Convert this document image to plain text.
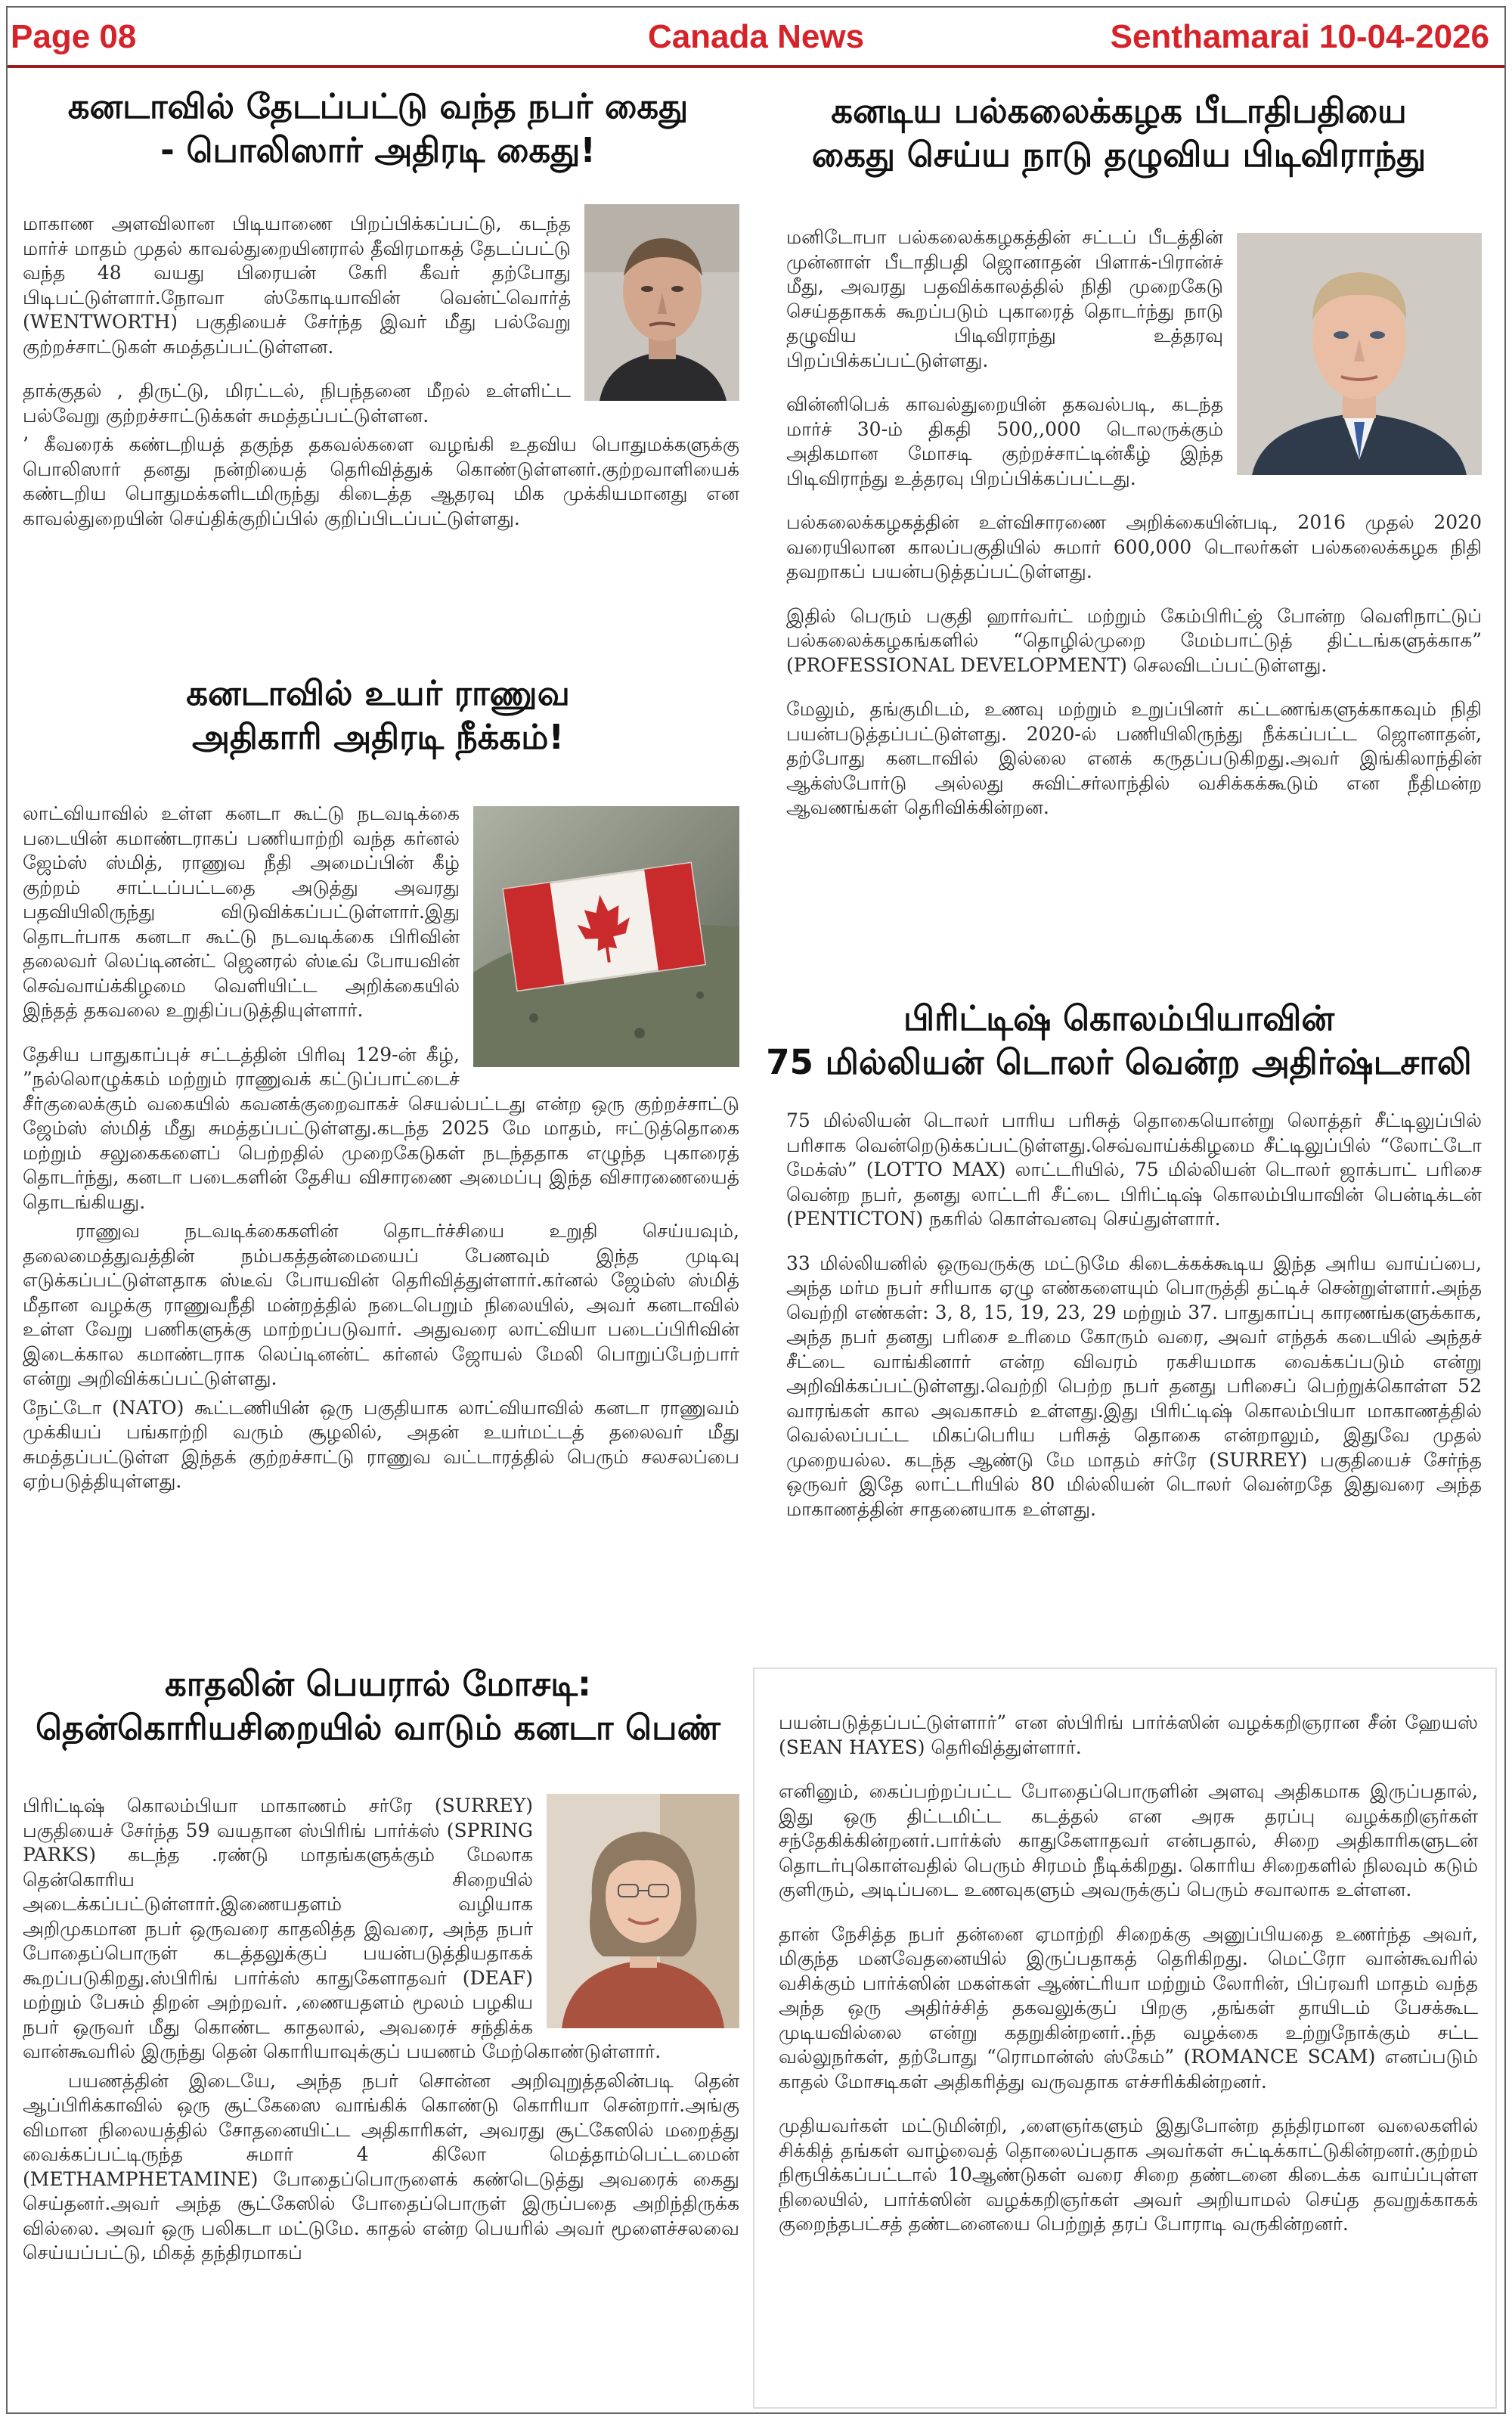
Canada News
Page 08	Senthamarai 10-04-2026
கனடாவில் தேடப்பட்டு வந்த நபர் கைது
- பொலிஸார் அதிரடி கைது!

மாகாண அளவிலான பிடியாணை பிறப்பிக்கப்பட்டு, கடந்த மார்ச் மாதம் முதல் காவல்துறையினரால் தீவிரமாகத் தேடப்பட்டு வந்த 48 வயது பிரையன் கேரி கீவர் தற்போது பிடிபட்டுள்ளார்.நோவா ஸ்கோடியாவின் வென்ட்வொர்த் (WENTWORTH) பகுதியைச் சேர்ந்த இவர் மீது பல்வேறு குற்றச்சாட்டுகள் சுமத்தப்பட்டுள்ளன.

தாக்குதல் , திருட்டு, மிரட்டல், நிபந்தனை மீறல் உள்ளிட்ட பல்வேறு குற்றச்சாட்டுக்கள் சுமத்தப்பட்டுள்ளன.

’ கீவரைக் கண்டறியத் தகுந்த தகவல்களை வழங்கி உதவிய பொதுமக்களுக்கு பொலிஸார் தனது நன்றியைத் தெரிவித்துக் கொண்டுள்ளனர்.குற்றவாளியைக் கண்டறிய பொதுமக்களிடமிருந்து கிடைத்த ஆதரவு மிக முக்கியமானது என காவல்துறையின் செய்திக்குறிப்பில் குறிப்பிடப்பட்டுள்ளது.

கனடாவில் உயர் ராணுவ
அதிகாரி அதிரடி நீக்கம்!

லாட்வியாவில் உள்ள கனடா கூட்டு நடவடிக்கை படையின் கமாண்டராகப் பணியாற்றி வந்த கர்னல் ஜேம்ஸ் ஸ்மித், ராணுவ நீதி அமைப்பின் கீழ் குற்றம் சாட்டப்பட்டதை அடுத்து அவரது பதவியிலிருந்து விடுவிக்கப்பட்டுள்ளார்.இது தொடர்பாக கனடா கூட்டு நடவடிக்கை பிரிவின் தலைவர் லெப்டினன்ட் ஜெனரல் ஸ்டீவ் போயவின் செவ்வாய்க்கிழமை வெளியிட்ட அறிக்கையில் இந்தத் தகவலை உறுதிப்படுத்தியுள்ளார்.

தேசிய பாதுகாப்புச் சட்டத்தின் பிரிவு 129-ன் கீழ், ”நல்லொழுக்கம் மற்றும் ராணுவக் கட்டுப்பாட்டைச் சீர்குலைக்கும் வகையில் கவனக்குறைவாகச் செயல்பட்டது என்ற ஒரு குற்றச்சாட்டு ஜேம்ஸ் ஸ்மித் மீது சுமத்தப்பட்டுள்ளது.கடந்த 2025 மே மாதம், ஈட்டுத்தொகை மற்றும் சலுகைகளைப் பெற்றதில் முறைகேடுகள் நடந்ததாக எழுந்த புகாரைத் தொடர்ந்து, கனடா படைகளின் தேசிய விசாரணை அமைப்பு இந்த விசாரணையைத் தொடங்கியது.

ராணுவ நடவடிக்கைகளின் தொடர்ச்சியை உறுதி செய்யவும், தலைமைத்துவத்தின் நம்பகத்தன்மையைப் பேணவும் இந்த முடிவு எடுக்கப்பட்டுள்ளதாக ஸ்டீவ் போயவின் தெரிவித்துள்ளார்.கர்னல் ஜேம்ஸ் ஸ்மித் மீதான வழக்கு ராணுவநீதி மன்றத்தில் நடைபெறும் நிலையில், அவர் கனடாவில் உள்ள வேறு பணிகளுக்கு மாற்றப்படுவார். அதுவரை லாட்வியா படைப்பிரிவின் இடைக்கால கமாண்டராக லெப்டினன்ட் கர்னல் ஜோயல் மேலி பொறுப்பேற்பார் என்று அறிவிக்கப்பட்டுள்ளது.

நேட்டோ (NATO) கூட்டணியின் ஒரு பகுதியாக லாட்வியாவில் கனடா ராணுவம் முக்கியப் பங்காற்றி வரும் சூழலில், அதன் உயர்மட்டத் தலைவர் மீது சுமத்தப்பட்டுள்ள இந்தக் குற்றச்சாட்டு ராணுவ வட்டாரத்தில் பெரும் சலசலப்பை ஏற்படுத்தியுள்ளது.

காதலின் பெயரால் மோசடி:
தென்கொரியசிறையில் வாடும் கனடா பெண்

பிரிட்டிஷ் கொலம்பியா மாகாணம் சர்ரே (SURREY) பகுதியைச் சேர்ந்த 59 வயதான ஸ்பிரிங் பார்க்ஸ் (SPRING PARKS) கடந்த .ரண்டு மாதங்களுக்கும் மேலாக தென்கொரிய சிறையில் அடைக்கப்பட்டுள்ளார்.இணையதளம் வழியாக அறிமுகமான நபர் ஒருவரை காதலித்த இவரை, அந்த நபர் போதைப்பொருள் கடத்தலுக்குப் பயன்படுத்தியதாகக் கூறப்படுகிறது.ஸ்பிரிங் பார்க்ஸ் காதுகேளாதவர் (DEAF) மற்றும் பேசும் திறன் அற்றவர். ,ணையதளம் மூலம் பழகிய நபர் ஒருவர் மீது கொண்ட காதலால், அவரைச் சந்திக்க வான்கூவரில் இருந்து தென் கொரியாவுக்குப் பயணம் மேற்கொண்டுள்ளார்.

பயணத்தின் இடையே, அந்த நபர் சொன்ன அறிவுறுத்தலின்படி தென் ஆப்பிரிக்காவில் ஒரு சூட்கேஸை வாங்கிக் கொண்டு கொரியா சென்றார்.அங்கு விமான நிலையத்தில் சோதனையிட்ட அதிகாரிகள், அவரது சூட்கேஸில் மறைத்து வைக்கப்பட்டிருந்த சுமார் 4 கிலோ மெத்தாம்பெட்டமைன் (METHAMPHETAMINE) போதைப்பொருளைக் கண்டெடுத்து அவரைக் கைது செய்தனர்.அவர் அந்த சூட்கேஸில் போதைப்பொருள் இருப்பதை அறிந்திருக்க வில்லை. அவர் ஒரு பலிகடா மட்டுமே. காதல் என்ற பெயரில் அவர் மூளைச்சலவை செய்யப்பட்டு, மிகத் தந்திரமாகப்

கனடிய பல்கலைக்கழக பீடாதிபதியை
கைது செய்ய நாடு தழுவிய பிடிவிராந்து

மனிடோபா பல்கலைக்கழகத்தின் சட்டப் பீடத்தின் முன்னாள் பீடாதிபதி ஜொனாதன் பிளாக்-பிரான்ச் மீது, அவரது பதவிக்காலத்தில் நிதி முறைகேடு செய்ததாகக் கூறப்படும் புகாரைத் தொடர்ந்து நாடு தழுவிய பிடிவிராந்து உத்தரவு பிறப்பிக்கப்பட்டுள்ளது.

வின்னிபெக் காவல்துறையின் தகவல்படி, கடந்த மார்ச் 30-ம் திகதி 500,,000 டொலருக்கும் அதிகமான மோசடி குற்றச்சாட்டின்கீழ் இந்த பிடிவிராந்து உத்தரவு பிறப்பிக்கப்பட்டது.

பல்கலைக்கழகத்தின் உள்விசாரணை அறிக்கையின்படி, 2016 முதல் 2020 வரையிலான காலப்பகுதியில் சுமார் 600,000 டொலர்கள் பல்கலைக்கழக நிதி தவறாகப் பயன்படுத்தப்பட்டுள்ளது.

இதில் பெரும் பகுதி ஹார்வர்ட் மற்றும் கேம்பிரிட்ஜ் போன்ற வெளிநாட்டுப் பல்கலைக்கழகங்களில் “தொழில்முறை மேம்பாட்டுத் திட்டங்களுக்காக” (PROFESSIONAL DEVELOPMENT) செலவிடப்பட்டுள்ளது.

மேலும், தங்குமிடம், உணவு மற்றும் உறுப்பினர் கட்டணங்களுக்காகவும் நிதி பயன்படுத்தப்பட்டுள்ளது. 2020-ல் பணியிலிருந்து நீக்கப்பட்ட ஜொனாதன், தற்போது கனடாவில் இல்லை எனக் கருதப்படுகிறது.அவர் இங்கிலாந்தின் ஆக்ஸ்போர்டு அல்லது சுவிட்சர்லாந்தில் வசிக்கக்கூடும் என நீதிமன்ற ஆவணங்கள் தெரிவிக்கின்றன.

பிரிட்டிஷ் கொலம்பியாவின்
75 மில்லியன் டொலர் வென்ற அதிர்ஷ்டசாலி

75 மில்லியன் டொலர் பாரிய பரிசுத் தொகையொன்று லொத்தர் சீட்டிலுப்பில் பரிசாக வென்றெடுக்கப்பட்டுள்ளது.செவ்வாய்க்கிழமை சீட்டிலுப்பில் “லோட்டோ மேக்ஸ்” (LOTTO MAX) லாட்டரியில், 75 மில்லியன் டொலர் ஜாக்பாட் பரிசை வென்ற நபர், தனது லாட்டரி சீட்டை பிரிட்டிஷ் கொலம்பியாவின் பென்டிக்டன் (PENTICTON) நகரில் கொள்வனவு செய்துள்ளார்.

33 மில்லியனில் ஒருவருக்கு மட்டுமே கிடைக்கக்கூடிய இந்த அரிய வாய்ப்பை, அந்த மர்ம நபர் சரியாக ஏழு எண்களையும் பொருத்தி தட்டிச் சென்றுள்ளார்.அந்த வெற்றி எண்கள்: 3, 8, 15, 19, 23, 29 மற்றும் 37. பாதுகாப்பு காரணங்களுக்காக, அந்த நபர் தனது பரிசை உரிமை கோரும் வரை, அவர் எந்தக் கடையில் அந்தச் சீட்டை வாங்கினார் என்ற விவரம் ரகசியமாக வைக்கப்படும் என்று அறிவிக்கப்பட்டுள்ளது.வெற்றி பெற்ற நபர் தனது பரிசைப் பெற்றுக்கொள்ள 52 வாரங்கள் கால அவகாசம் உள்ளது.இது பிரிட்டிஷ் கொலம்பியா மாகாணத்தில் வெல்லப்பட்ட மிகப்பெரிய பரிசுத் தொகை என்றாலும், இதுவே முதல் முறையல்ல. கடந்த ஆண்டு மே மாதம் சர்ரே (SURREY) பகுதியைச் சேர்ந்த ஒருவர் இதே லாட்டரியில் 80 மில்லியன் டொலர் வென்றதே இதுவரை அந்த மாகாணத்தின் சாதனையாக உள்ளது.

பயன்படுத்தப்பட்டுள்ளார்” என ஸ்பிரிங் பார்க்ஸின் வழக்கறிஞரான சீன் ஹேயஸ் (SEAN HAYES) தெரிவித்துள்ளார்.

எனினும், கைப்பற்றப்பட்ட போதைப்பொருளின் அளவு அதிகமாக இருப்பதால், இது ஒரு திட்டமிட்ட கடத்தல் என அரசு தரப்பு வழக்கறிஞர்கள் சந்தேகிக்கின்றனர்.பார்க்ஸ் காதுகேளாதவர் என்பதால், சிறை அதிகாரிகளுடன் தொடர்புகொள்வதில் பெரும் சிரமம் நீடிக்கிறது. கொரிய சிறைகளில் நிலவும் கடும் குளிரும், அடிப்படை உணவுகளும் அவருக்குப் பெரும் சவாலாக உள்ளன.

தான் நேசித்த நபர் தன்னை ஏமாற்றி சிறைக்கு அனுப்பியதை உணர்ந்த அவர், மிகுந்த மனவேதனையில் இருப்பதாகத் தெரிகிறது. மெட்ரோ வான்கூவரில் வசிக்கும் பார்க்ஸின் மகள்கள் ஆண்ட்ரியா மற்றும் லோரின், பிப்ரவரி மாதம் வந்த அந்த ஒரு அதிர்ச்சித் தகவலுக்குப் பிறகு ,தங்கள் தாயிடம் பேசக்கூட முடியவில்லை என்று கதறுகின்றனர்..ந்த வழக்கை உற்றுநோக்கும் சட்ட வல்லுநர்கள், தற்போது “ரொமான்ஸ் ஸ்கேம்” (ROMANCE SCAM) எனப்படும் காதல் மோசடிகள் அதிகரித்து வருவதாக எச்சரிக்கின்றனர்.

முதியவர்கள் மட்டுமின்றி, ,ளைஞர்களும் இதுபோன்ற தந்திரமான வலைகளில் சிக்கித் தங்கள் வாழ்வைத் தொலைப்பதாக அவர்கள் சுட்டிக்காட்டுகின்றனர்.குற்றம் நிரூபிக்கப்பட்டால் 10ஆண்டுகள் வரை சிறை தண்டனை கிடைக்க வாய்ப்புள்ள நிலையில், பார்க்ஸின் வழக்கறிஞர்கள் அவர் அறியாமல் செய்த தவறுக்காகக் குறைந்தபட்சத் தண்டனையை பெற்றுத் தரப் போராடி வருகின்றனர்.
